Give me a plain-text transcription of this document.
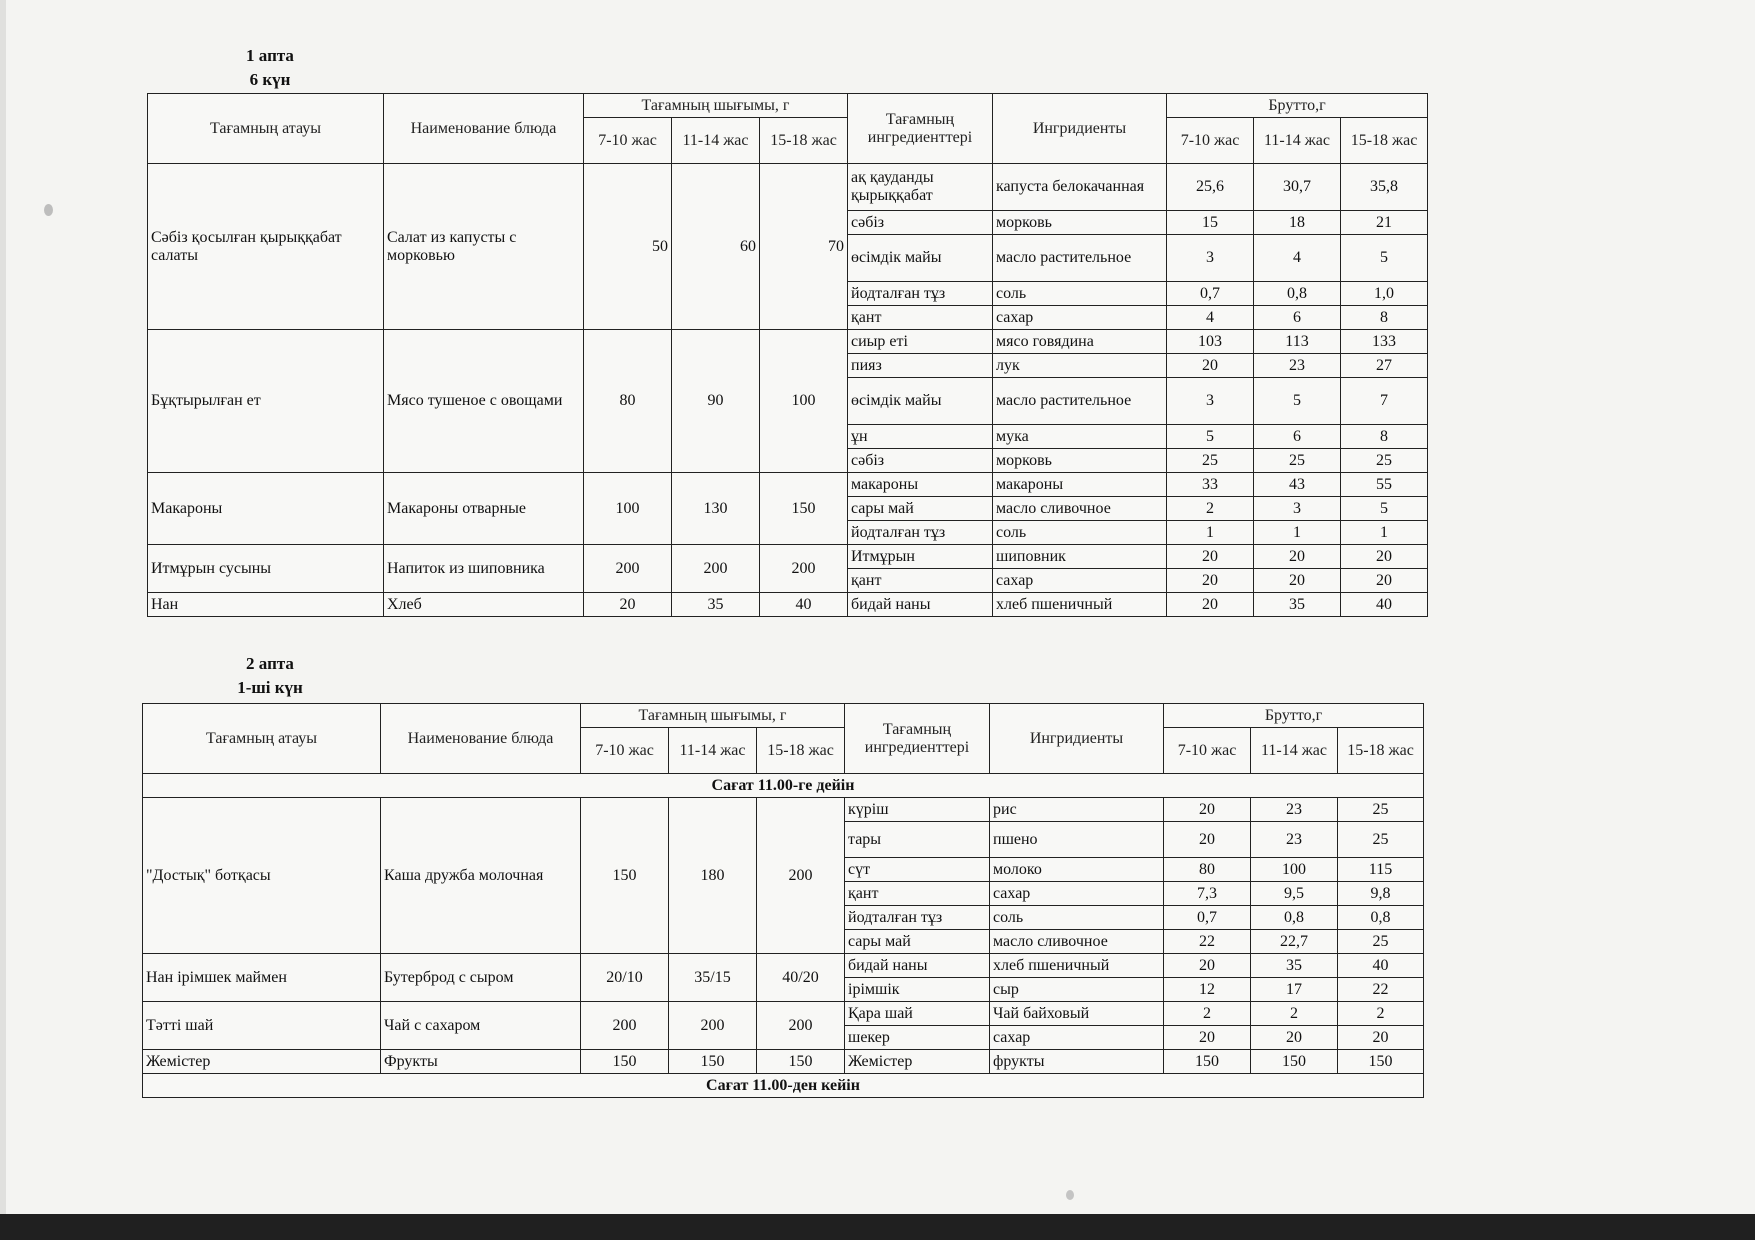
1 апта
6 күн
Тағамның атауы	Наименование блюда	Тағамның шығымы, г			Тағамның ингредиенттері	Ингридиенты	Брутто,г		
		7-10 жас	11-14 жас	15-18 жас			7-10 жас	11-14 жас	15-18 жас
Сәбіз қосылған қырыққабат салаты	Салат из капусты с морковью	50	60	70	ақ қауданды қырыққабат	капуста белокачанная	25,6	30,7	35,8
					сәбіз	морковь	15	18	21
					өсімдік майы	масло растительное	3	4	5
					йодталған тұз	соль	0,7	0,8	1,0
					қант	сахар	4	6	8
Бұқтырылған ет	Мясо тушеное с овощами	80	90	100	сиыр еті	мясо говядина	103	113	133
					пияз	лук	20	23	27
					өсімдік майы	масло растительное	3	5	7
					ұн	мука	5	6	8
					сәбіз	морковь	25	25	25
Макароны	Макароны отварные	100	130	150	макароны	макароны	33	43	55
					сары май	масло сливочное	2	3	5
					йодталған тұз	соль	1	1	1
Итмұрын сусыны	Напиток из шиповника	200	200	200	Итмұрын	шиповник	20	20	20
					қант	сахар	20	20	20
Нан	Хлеб	20	35	40	бидай наны	хлеб пшеничный	20	35	40
2 апта
1-ші күн
Тағамның атауы	Наименование блюда	Тағамның шығымы, г			Тағамның ингредиенттері	Ингридиенты	Брутто,г		
		7-10 жас	11-14 жас	15-18 жас			7-10 жас	11-14 жас	15-18 жас
Сағат 11.00-ге дейін									
"Достық" ботқасы	Каша дружба молочная	150	180	200	күріш	рис	20	23	25
					тары	пшено	20	23	25
					сүт	молоко	80	100	115
					қант	сахар	7,3	9,5	9,8
					йодталған тұз	соль	0,7	0,8	0,8
					сары май	масло сливочное	22	22,7	25
Нан ірімшек маймен	Бутерброд с сыром	20/10	35/15	40/20	бидай наны	хлеб пшеничный	20	35	40
					ірімшік	сыр	12	17	22
Тәтті шай	Чай с сахаром	200	200	200	Қара шай	Чай байховый	2	2	2
					шекер	сахар	20	20	20
Жемістер	Фрукты	150	150	150	Жемістер	фрукты	150	150	150
Сағат 11.00-ден кейін									
